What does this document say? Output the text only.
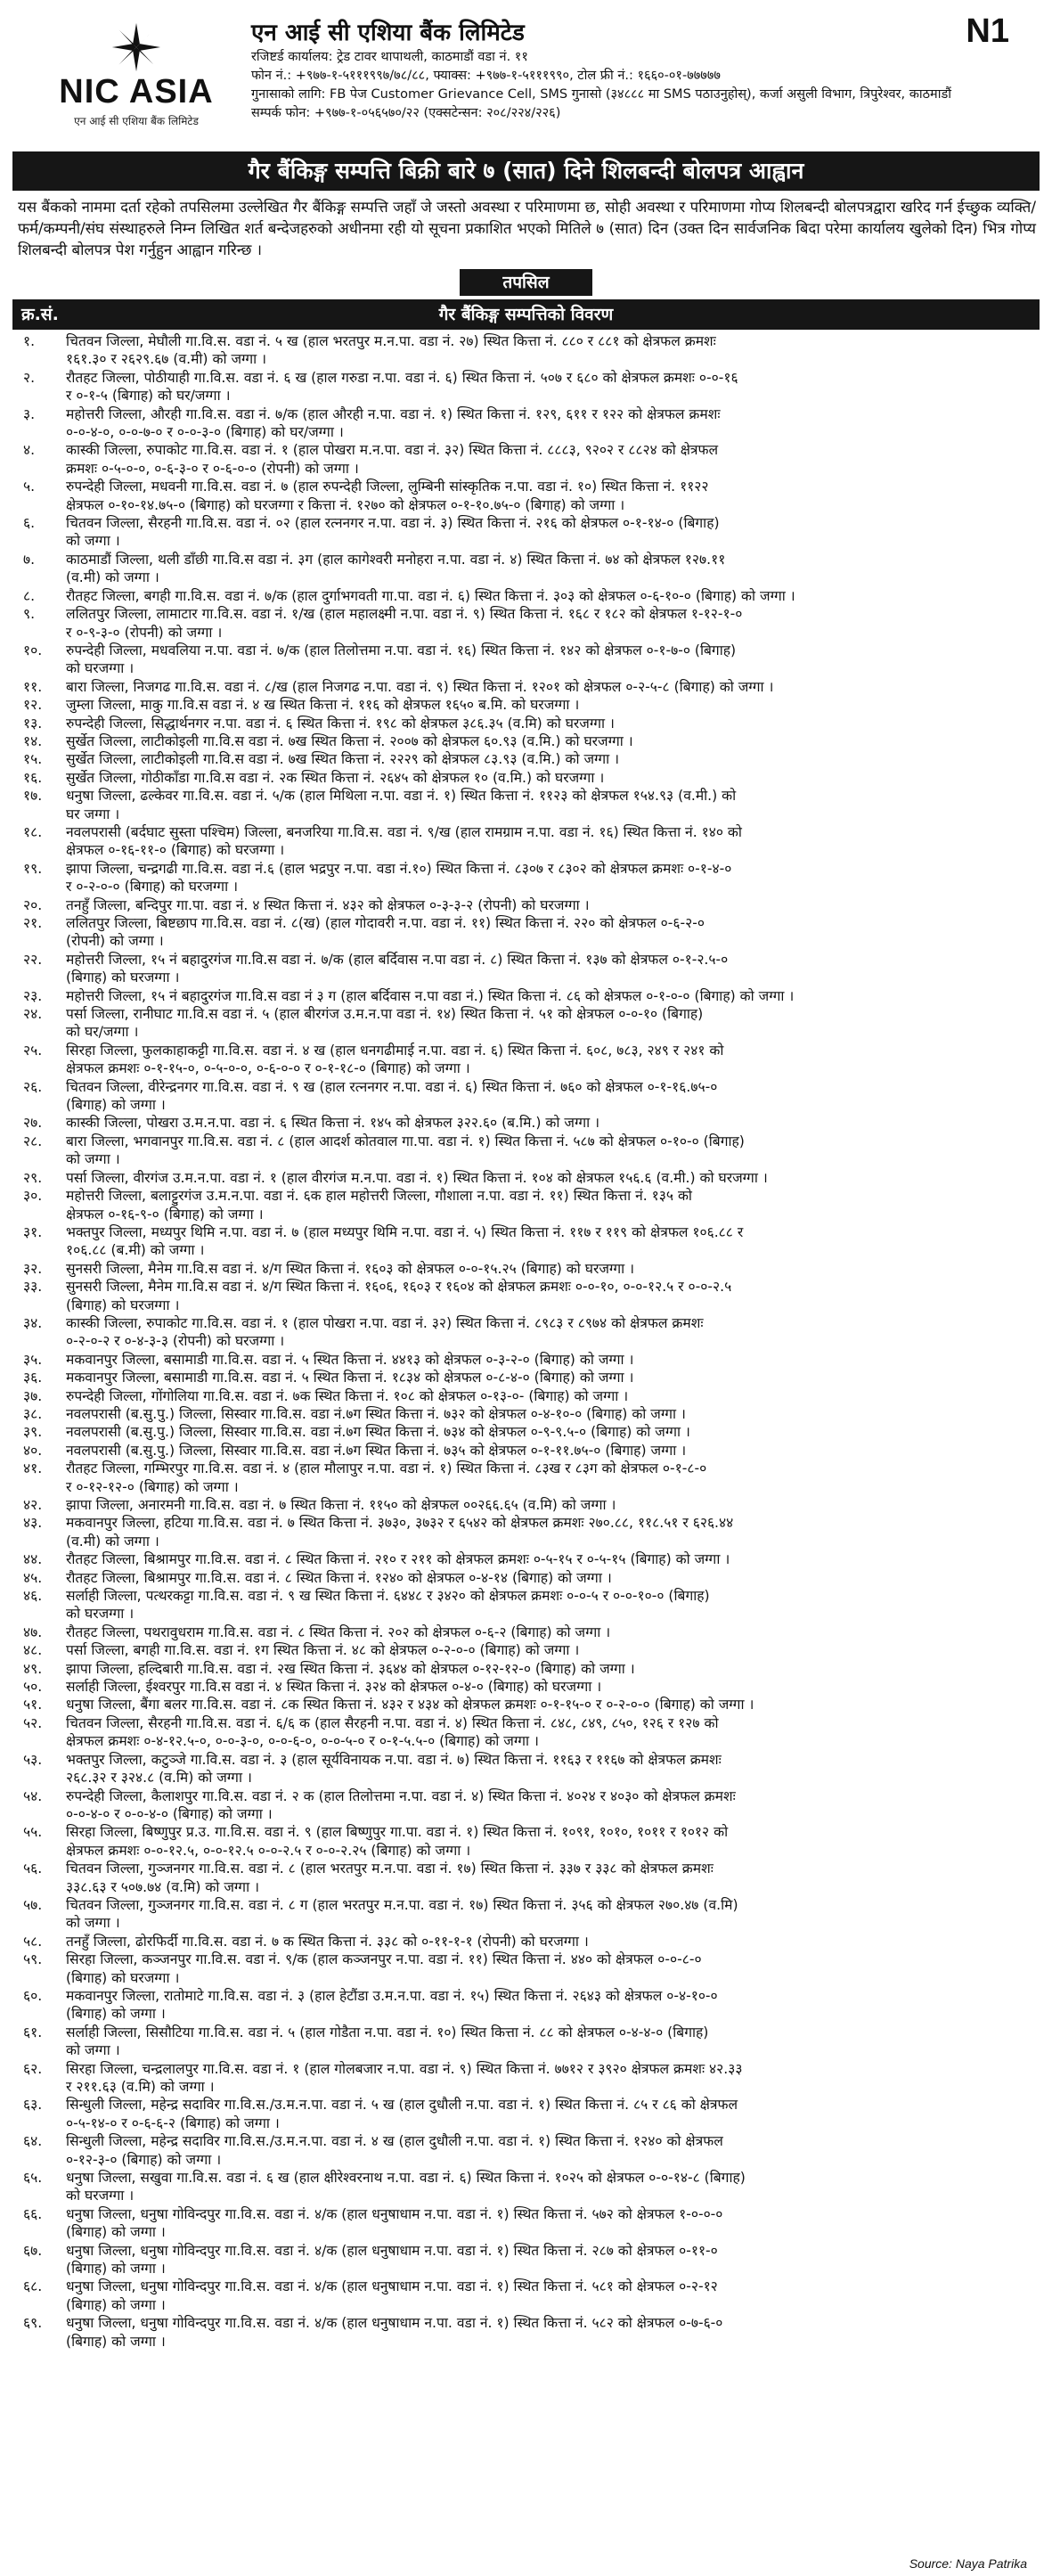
NIC ASIA
एन आई सी एशिया बैंक लिमिटेड
एन आई सी एशिया बैंक लिमिटेड
रजिष्टर्ड कार्यालय: ट्रेड टावर थापाथली, काठमाडौं वडा नं. ११
फोन नं.: +९७७-१-५१११९९७/७८/८८, फ्याक्स: +९७७-१-५१११९९०, टोल फ्री नं.: १६६०-०१-७७७७७
गुनासाको लागि: FB पेज Customer Grievance Cell, SMS गुनासो (३४८८८ मा SMS पठाउनुहोस्), कर्जा असुली विभाग, त्रिपुरेश्वर, काठमाडौं
सम्पर्क फोन: +९७७-१-०५६५७०/२२ (एक्सटेन्सन: २०८/२२४/२२६)
N1
गैर बैंकिङ्ग सम्पत्ति बिक्री बारे ७ (सात) दिने शिलबन्दी बोलपत्र आह्वान
यस बैंकको नाममा दर्ता रहेको तपसिलमा उल्लेखित गैर बैंकिङ्ग सम्पत्ति जहाँ जे जस्तो अवस्था र परिमाणमा छ, सोही अवस्था र परिमाणमा गोप्य शिलबन्दी बोलपत्रद्वारा खरिद गर्न ईच्छुक व्यक्ति/फर्म/कम्पनी/संघ संस्थाहरुले निम्न लिखित शर्त बन्देजहरुको अधीनमा रही यो सूचना प्रकाशित भएको मितिले ७ (सात) दिन (उक्त दिन सार्वजनिक बिदा परेमा कार्यालय खुलेको दिन) भित्र गोप्य शिलबन्दी बोलपत्र पेश गर्नुहुन आह्वान गरिन्छ ।
तपसिल
क्र.सं.	गैर बैंकिङ्ग सम्पत्तिको विवरण
१.	चितवन जिल्ला, मेघौली गा.वि.स. वडा नं. ५ ख (हाल भरतपुर म.न.पा. वडा नं. २७) स्थित कित्ता नं. ८८० र ८८१ को क्षेत्रफल क्रमशः
१६१.३० र २६२९.६७ (व.मी) को जग्गा ।
२.	रौतहट जिल्ला, पोठीयाही गा.वि.स. वडा नं. ६ ख (हाल गरुडा न.पा. वडा नं. ६) स्थित कित्ता नं. ५०७ र ६८० को क्षेत्रफल क्रमशः ०-०-१६
र ०-१-५ (बिगाह) को घर/जग्गा ।
३.	महोत्तरी जिल्ला, औरही गा.वि.स. वडा नं. ७/क (हाल औरही न.पा. वडा नं. १) स्थित कित्ता नं. १२९, ६११ र १२२ को क्षेत्रफल क्रमशः
०-०-४-०, ०-०-७-० र ०-०-३-० (बिगाह) को घर/जग्गा ।
४.	कास्की जिल्ला, रुपाकोट गा.वि.स. वडा नं. १ (हाल पोखरा म.न.पा. वडा नं. ३२) स्थित कित्ता नं. ८८८३, ९२०२ र ८८२४ को क्षेत्रफल
क्रमशः ०-५-०-०, ०-६-३-० र ०-६-०-० (रोपनी) को जग्गा ।
५.	रुपन्देही जिल्ला, मधवनी गा.वि.स. वडा नं. ७ (हाल रुपन्देही जिल्ला, लुम्बिनी सांस्कृतिक न.पा. वडा नं. १०) स्थित कित्ता नं. ११२२
क्षेत्रफल ०-१०-१४.७५-० (बिगाह) को घरजग्गा र कित्ता नं. १२७० को क्षेत्रफल ०-१-१०.७५-० (बिगाह) को जग्गा ।
६.	चितवन जिल्ला, सैरहनी गा.वि.स. वडा नं. ०२ (हाल रत्ननगर न.पा. वडा नं. ३) स्थित कित्ता नं. २१६ को क्षेत्रफल ०-१-१४-० (बिगाह)
को जग्गा ।
७.	काठमाडौं जिल्ला, थली डाँछी गा.वि.स वडा नं. ३ग (हाल कागेश्वरी मनोहरा न.पा. वडा नं. ४) स्थित कित्ता नं. ७४ को क्षेत्रफल १२७.११
(व.मी) को जग्गा ।
८.	रौतहट जिल्ला, बगही गा.वि.स. वडा नं. ७/क (हाल दुर्गाभगवती गा.पा. वडा नं. ६) स्थित कित्ता नं. ३०३ को क्षेत्रफल ०-६-१०-० (बिगाह) को जग्गा ।
९.	ललितपुर जिल्ला, लामाटार गा.वि.स. वडा नं. १/ख (हाल महालक्ष्मी न.पा. वडा नं. ९) स्थित कित्ता नं. १६८ र १८२ को क्षेत्रफल १-१२-१-०
र ०-९-३-० (रोपनी) को जग्गा ।
१०.	रुपन्देही जिल्ला, मधवलिया न.पा. वडा नं. ७/क (हाल तिलोत्तमा न.पा. वडा नं. १६) स्थित कित्ता नं. १४२ को क्षेत्रफल ०-१-७-० (बिगाह)
को घरजग्गा ।
११.	बारा जिल्ला, निजगढ गा.वि.स. वडा नं. ८/ख (हाल निजगढ न.पा. वडा नं. ९) स्थित कित्ता नं. १२०१ को क्षेत्रफल ०-२-५-८ (बिगाह) को जग्गा ।
१२.	जुम्ला जिल्ला, माकु गा.वि.स वडा नं. ४ ख स्थित कित्ता नं. ११६ को क्षेत्रफल १६५० ब.मि. को घरजग्गा ।
१३.	रुपन्देही जिल्ला, सिद्धार्थनगर न.पा. वडा नं. ६ स्थित कित्ता नं. १९८ को क्षेत्रफल ३८६.३५ (व.मि) को घरजग्गा ।
१४.	सुर्खेत जिल्ला, लाटीकोइली गा.वि.स वडा नं. ७ख स्थित कित्ता नं. २००७ को क्षेत्रफल ६०.९३ (व.मि.) को घरजग्गा ।
१५.	सुर्खेत जिल्ला, लाटीकोइली गा.वि.स वडा नं. ७ख स्थित कित्ता नं. २२२९ को क्षेत्रफल ८३.९३ (व.मि.) को जग्गा ।
१६.	सुर्खेत जिल्ला, गोठीकाँडा गा.वि.स वडा नं. २क स्थित कित्ता नं. २६४५ को क्षेत्रफल १० (व.मि.) को घरजग्गा ।
१७.	धनुषा जिल्ला, ढल्केवर गा.वि.स. वडा नं. ५/क (हाल मिथिला न.पा. वडा नं. १) स्थित कित्ता नं. ११२३ को क्षेत्रफल १५४.९३ (व.मी.) को
घर जग्गा ।
१८.	नवलपरासी (बर्दघाट सुस्ता पश्चिम) जिल्ला, बनजरिया गा.वि.स. वडा नं. ९/ख (हाल रामग्राम न.पा. वडा नं. १६) स्थित कित्ता नं. १४० को
क्षेत्रफल ०-१६-११-० (बिगाह) को घरजग्गा ।
१९.	झापा जिल्ला, चन्द्रगढी गा.वि.स. वडा नं.६ (हाल भद्रपुर न.पा. वडा नं.१०) स्थित कित्ता नं. ८३०७ र ८३०२ को क्षेत्रफल क्रमशः ०-१-४-०
र ०-२-०-० (बिगाह) को घरजग्गा ।
२०.	तनहुँ जिल्ला, बन्दिपुर गा.पा. वडा नं. ४ स्थित कित्ता नं. ४३२ को क्षेत्रफल ०-३-३-२ (रोपनी) को घरजग्गा ।
२१.	ललितपुर जिल्ला, बिष्टछाप गा.वि.स. वडा नं. ८(ख) (हाल गोदावरी न.पा. वडा नं. ११) स्थित कित्ता नं. २२० को क्षेत्रफल ०-६-२-०
(रोपनी) को जग्गा ।
२२.	महोत्तरी जिल्ला, १५ नं बहादुरगंज गा.वि.स वडा नं. ७/क (हाल बर्दिवास न.पा वडा नं. ८) स्थित कित्ता नं. १३७ को क्षेत्रफल ०-१-२.५-०
(बिगाह) को घरजग्गा ।
२३.	महोत्तरी जिल्ला, १५ नं बहादुरगंज गा.वि.स वडा नं ३ ग (हाल बर्दिवास न.पा वडा नं.) स्थित कित्ता नं. ८६ को क्षेत्रफल ०-१-०-० (बिगाह) को जग्गा ।
२४.	पर्सा जिल्ला, रानीघाट गा.वि.स वडा नं. ५ (हाल बीरगंज उ.म.न.पा वडा नं. १४) स्थित कित्ता नं. ५१ को क्षेत्रफल ०-०-१० (बिगाह)
को घर/जग्गा ।
२५.	सिरहा जिल्ला, फुलकाहाकट्टी गा.वि.स. वडा नं. ४ ख (हाल धनगढीमाई न.पा. वडा नं. ६) स्थित कित्ता नं. ६०८, ७८३, २४९ र २४१ को
क्षेत्रफल क्रमशः ०-१-१५-०, ०-५-०-०, ०-६-०-० र ०-१-१८-० (बिगाह) को जग्गा ।
२६.	चितवन जिल्ला, वीरेन्द्रनगर गा.वि.स. वडा नं. ९ ख (हाल रत्ननगर न.पा. वडा नं. ६) स्थित कित्ता नं. ७६० को क्षेत्रफल ०-१-१६.७५-०
(बिगाह) को जग्गा ।
२७.	कास्की जिल्ला, पोखरा उ.म.न.पा. वडा नं. ६ स्थित कित्ता नं. १४५ को क्षेत्रफल ३२२.६० (ब.मि.) को जग्गा ।
२८.	बारा जिल्ला, भगवानपुर गा.वि.स. वडा नं. ८ (हाल आदर्श कोतवाल गा.पा. वडा नं. १) स्थित कित्ता नं. ५८७ को क्षेत्रफल ०-१०-० (बिगाह)
को जग्गा ।
२९.	पर्सा जिल्ला, वीरगंज उ.म.न.पा. वडा नं. १ (हाल वीरगंज म.न.पा. वडा नं. १) स्थित कित्ता नं. १०४ को क्षेत्रफल १५६.६ (व.मी.) को घरजग्गा ।
३०.	महोत्तरी जिल्ला, बलाट्टुरगंज उ.म.न.पा. वडा नं. ६क हाल महोत्तरी जिल्ला, गौशाला न.पा. वडा नं. ११) स्थित कित्ता नं. १३५ को
क्षेत्रफल ०-१६-९-० (बिगाह) को जग्गा ।
३१.	भक्तपुर जिल्ला, मध्यपुर थिमि न.पा. वडा नं. ७ (हाल मध्यपुर थिमि न.पा. वडा नं. ५) स्थित कित्ता नं. ११७ र ११९ को क्षेत्रफल १०६.८८ र
१०६.८८ (ब.मी) को जग्गा ।
३२.	सुनसरी जिल्ला, मैनेम गा.वि.स वडा नं. ४/ग स्थित कित्ता नं. १६०३ को क्षेत्रफल ०-०-१५.२५ (बिगाह) को घरजग्गा ।
३३.	सुनसरी जिल्ला, मैनेम गा.वि.स वडा नं. ४/ग स्थित कित्ता नं. १६०६, १६०३ र १६०४ को क्षेत्रफल क्रमशः ०-०-१०, ०-०-१२.५ र ०-०-२.५
(बिगाह) को घरजग्गा ।
३४.	कास्की जिल्ला, रुपाकोट गा.वि.स. वडा नं. १ (हाल पोखरा न.पा. वडा नं. ३२) स्थित कित्ता नं. ८९८३ र ८९७४ को क्षेत्रफल क्रमशः
०-२-०-२ र ०-४-३-३ (रोपनी) को घरजग्गा ।
३५.	मकवानपुर जिल्ला, बसामाडी गा.वि.स. वडा नं. ५ स्थित कित्ता नं. ४४१३ को क्षेत्रफल ०-३-२-० (बिगाह) को जग्गा ।
३६.	मकवानपुर जिल्ला, बसामाडी गा.वि.स. वडा नं. ५ स्थित कित्ता नं. १८३४ को क्षेत्रफल ०-८-४-० (बिगाह) को जग्गा ।
३७.	रुपन्देही जिल्ला, गोंगोलिया गा.वि.स. वडा नं. ७क स्थित कित्ता नं. १०८ को क्षेत्रफल ०-१३-०- (बिगाह) को जग्गा ।
३८.	नवलपरासी (ब.सु.पु.) जिल्ला, सिस्वार गा.वि.स. वडा नं.७ग स्थित कित्ता नं. ७३२ को क्षेत्रफल ०-४-१०-० (बिगाह) को जग्गा ।
३९.	नवलपरासी (ब.सु.पु.) जिल्ला, सिस्वार गा.वि.स. वडा नं.७ग स्थित कित्ता नं. ७३४ को क्षेत्रफल ०-९-९.५-० (बिगाह) को जग्गा ।
४०.	नवलपरासी (ब.सु.पु.) जिल्ला, सिस्वार गा.वि.स. वडा नं.७ग स्थित कित्ता नं. ७३५ को क्षेत्रफल ०-१-११.७५-० (बिगाह) जग्गा ।
४१.	रौतहट जिल्ला, गम्भिरपुर गा.वि.स. वडा नं. ४ (हाल मौलापुर न.पा. वडा नं. १) स्थित कित्ता नं. ८३ख र ८३ग को क्षेत्रफल ०-१-८-०
र ०-१२-१२-० (बिगाह) को जग्गा ।
४२.	झापा जिल्ला, अनारमनी गा.वि.स. वडा नं. ७ स्थित कित्ता नं. ११५० को क्षेत्रफल ००२६६.६५ (व.मि) को जग्गा ।
४३.	मकवानपुर जिल्ला, हटिया गा.वि.स. वडा नं. ७ स्थित कित्ता नं. ३७३०, ३७३२ र ६५४२ को क्षेत्रफल क्रमशः २७०.८८, ११८.५१ र ६२६.४४
(व.मी) को जग्गा ।
४४.	रौतहट जिल्ला, बिश्रामपुर गा.वि.स. वडा नं. ८ स्थित कित्ता नं. २१० र २११ को क्षेत्रफल क्रमशः ०-५-१५ र ०-५-१५ (बिगाह) को जग्गा ।
४५.	रौतहट जिल्ला, बिश्रामपुर गा.वि.स. वडा नं. ८ स्थित कित्ता नं. १२४० को क्षेत्रफल ०-४-१४ (बिगाह) को जग्गा ।
४६.	सर्लाही जिल्ला, पत्थरकट्टा गा.वि.स. वडा नं. ९ ख स्थित कित्ता नं. ६४४८ र ३४२० को क्षेत्रफल क्रमशः ०-०-५ र ०-०-१०-० (बिगाह)
को घरजग्गा ।
४७.	रौतहट जिल्ला, पथरावुधराम गा.वि.स. वडा नं. ८ स्थित कित्ता नं. २०२ को क्षेत्रफल ०-६-२ (बिगाह) को जग्गा ।
४८.	पर्सा जिल्ला, बगही गा.वि.स. वडा नं. १ग स्थित कित्ता नं. ४८ को क्षेत्रफल ०-२-०-० (बिगाह) को जग्गा ।
४९.	झापा जिल्ला, हल्दिबारी गा.वि.स. वडा नं. २ख स्थित कित्ता नं. ३६४४ को क्षेत्रफल ०-१२-१२-० (बिगाह) को जग्गा ।
५०.	सर्लाही जिल्ला, ईश्वरपुर गा.वि.स वडा नं. ४ स्थित कित्ता नं. ३२४ को क्षेत्रफल ०-४-० (बिगाह) को घरजग्गा ।
५१.	धनुषा जिल्ला, बैंगा बलर गा.वि.स. वडा नं. ८क स्थित कित्ता नं. ४३२ र ४३४ को क्षेत्रफल क्रमशः ०-१-१५-० र ०-२-०-० (बिगाह) को जग्गा ।
५२.	चितवन जिल्ला, सैरहनी गा.वि.स. वडा नं. ६/६ क (हाल सैरहनी न.पा. वडा नं. ४) स्थित कित्ता नं. ८४८, ८४९, ८५०, १२६ र १२७ को
क्षेत्रफल क्रमशः ०-४-१२.५-०, ०-०-३-०, ०-०-६-०, ०-०-५-० र ०-१-५.५-० (बिगाह) को जग्गा ।
५३.	भक्तपुर जिल्ला, कटुञ्जे गा.वि.स. वडा नं. ३ (हाल सूर्यविनायक न.पा. वडा नं. ७) स्थित कित्ता नं. ११६३ र ११६७ को क्षेत्रफल क्रमशः
२६८.३२ र ३२४.८ (व.मि) को जग्गा ।
५४.	रुपन्देही जिल्ला, कैलाशपुर गा.वि.स. वडा नं. २ क (हाल तिलोत्तमा न.पा. वडा नं. ४) स्थित कित्ता नं. ४०२४ र ४०३० को क्षेत्रफल क्रमशः
०-०-४-० र ०-०-४-० (बिगाह) को जग्गा ।
५५.	सिरहा जिल्ला, बिष्णुपुर प्र.उ. गा.वि.स. वडा नं. ९ (हाल बिष्णुपुर गा.पा. वडा नं. १) स्थित कित्ता नं. १०९१, १०१०, १०११ र १०१२ को
क्षेत्रफल क्रमशः ०-०-१२.५, ०-०-१२.५ ०-०-२.५ र ०-०-२.२५ (बिगाह) को जग्गा ।
५६.	चितवन जिल्ला, गुञ्जनगर गा.वि.स. वडा नं. ८ (हाल भरतपुर म.न.पा. वडा नं. १७) स्थित कित्ता नं. ३३७ र ३३८ को क्षेत्रफल क्रमशः
३३८.६३ र ५०७.७४ (व.मि) को जग्गा ।
५७.	चितवन जिल्ला, गुञ्जनगर गा.वि.स. वडा नं. ८ ग (हाल भरतपुर म.न.पा. वडा नं. १७) स्थित कित्ता नं. ३५६ को क्षेत्रफल २७०.४७ (व.मि)
को जग्गा ।
५८.	तनहुँ जिल्ला, ढोरफिर्दी गा.वि.स. वडा नं. ७ क स्थित कित्ता नं. ३३८ को ०-११-१-१ (रोपनी) को घरजग्गा ।
५९.	सिरहा जिल्ला, कञ्जनपुर गा.वि.स. वडा नं. ९/क (हाल कञ्जनपुर न.पा. वडा नं. ११) स्थित कित्ता नं. ४४० को क्षेत्रफल ०-०-८-०
(बिगाह) को घरजग्गा ।
६०.	मकवानपुर जिल्ला, रातोमाटे गा.वि.स. वडा नं. ३ (हाल हेटौंडा उ.म.न.पा. वडा नं. १५) स्थित कित्ता नं. २६४३ को क्षेत्रफल ०-४-१०-०
(बिगाह) को जग्गा ।
६१.	सर्लाही जिल्ला, सिसौटिया गा.वि.स. वडा नं. ५ (हाल गोडैता न.पा. वडा नं. १०) स्थित कित्ता नं. ८८ को क्षेत्रफल ०-४-४-० (बिगाह)
को जग्गा ।
६२.	सिरहा जिल्ला, चन्द्रलालपुर गा.वि.स. वडा नं. १ (हाल गोलबजार न.पा. वडा नं. ९) स्थित कित्ता नं. ७७१२ र ३९२० क्षेत्रफल क्रमशः ४२.३३
र २११.६३ (व.मि) को जग्गा ।
६३.	सिन्धुली जिल्ला, महेन्द्र सदाविर गा.वि.स./उ.म.न.पा. वडा नं. ५ ख (हाल दुधौली न.पा. वडा नं. १) स्थित कित्ता नं. ८५ र ८६ को क्षेत्रफल
०-५-१४-० र ०-६-६-२ (बिगाह) को जग्गा ।
६४.	सिन्धुली जिल्ला, महेन्द्र सदाविर गा.वि.स./उ.म.न.पा. वडा नं. ४ ख (हाल दुधौली न.पा. वडा नं. १) स्थित कित्ता नं. १२४० को क्षेत्रफल
०-१२-३-० (बिगाह) को जग्गा ।
६५.	धनुषा जिल्ला, सखुवा गा.वि.स. वडा नं. ६ ख (हाल क्षीरेश्वरनाथ न.पा. वडा नं. ६) स्थित कित्ता नं. १०२५ को क्षेत्रफल ०-०-१४-८ (बिगाह)
को घरजग्गा ।
६६.	धनुषा जिल्ला, धनुषा गोविन्दपुर गा.वि.स. वडा नं. ४/क (हाल धनुषाधाम न.पा. वडा नं. १) स्थित कित्ता नं. ५७२ को क्षेत्रफल १-०-०-०
(बिगाह) को जग्गा ।
६७.	धनुषा जिल्ला, धनुषा गोविन्दपुर गा.वि.स. वडा नं. ४/क (हाल धनुषाधाम न.पा. वडा नं. १) स्थित कित्ता नं. २८७ को क्षेत्रफल ०-११-०
(बिगाह) को जग्गा ।
६८.	धनुषा जिल्ला, धनुषा गोविन्दपुर गा.वि.स. वडा नं. ४/क (हाल धनुषाधाम न.पा. वडा नं. १) स्थित कित्ता नं. ५८१ को क्षेत्रफल ०-२-१२
(बिगाह) को जग्गा ।
६९.	धनुषा जिल्ला, धनुषा गोविन्दपुर गा.वि.स. वडा नं. ४/क (हाल धनुषाधाम न.पा. वडा नं. १) स्थित कित्ता नं. ५८२ को क्षेत्रफल ०-७-६-०
(बिगाह) को जग्गा ।
Source: Naya Patrika
